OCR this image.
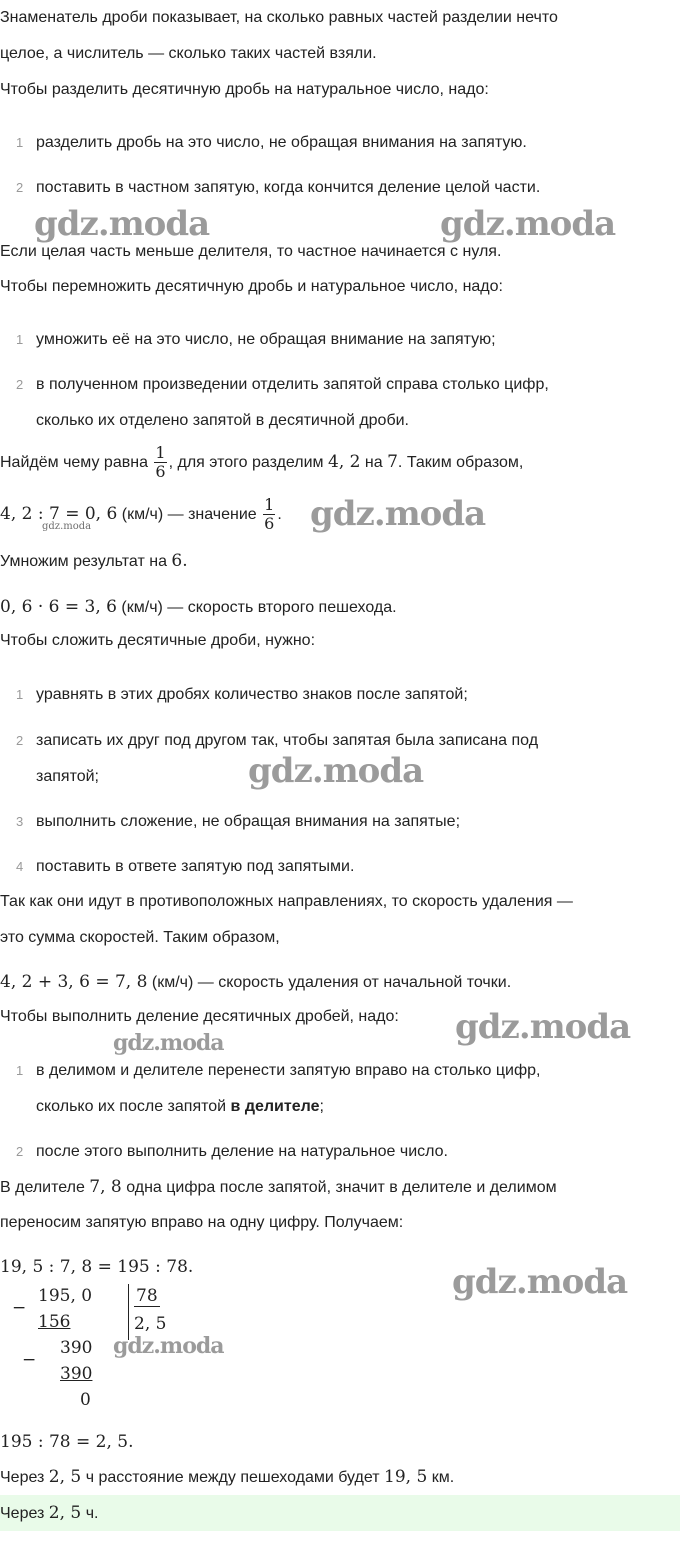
Знаменатель дроби показывает, на сколько равных частей разделии нечто
целое, а числитель — сколько таких частей взяли.
Чтобы разделить десятичную дробь на натуральное число, надо:
1 разделить дробь на это число, не обращая внимания на запятую.
2 поставить в частном запятую, когда кончится деление целой части.
Если целая часть меньше делителя, то частное начинается с нуля.
Чтобы перемножить десятичную дробь и натуральное число, надо:
1 умножить её на это число, не обращая внимание на запятую;
2 в полученном произведении отделить запятой справа столько цифр,
сколько их отделено запятой в десятичной дроби.
Найдём чему равна $\frac{1}{6}$ , для этого разделим 4, 2 на 7. Таким образом,
4, 2 : 7 = 0, 6 (км/ч) — значение $\frac{1}{6}$ .
Умножим результат на 6.
0, 6 · 6 = 3, 6 (км/ч) — скорость второго пешехода.
Чтобы сложить десятичные дроби, нужно:
1 уравнять в этих дробях количество знаков после запятой;
2 записать их друг под другом так, чтобы запятая была записана под
запятой;
3 выполнить сложение, не обращая внимания на запятые;
4 поставить в ответе запятую под запятыми.
Так как они идут в противоположных направлениях, то скорость удаления —
это сумма скоростей. Таким образом,
4, 2 + 3, 6 = 7, 8 (км/ч) — скорость удаления от начальной точки.
Чтобы выполнить деление десятичных дробей, надо:
1 в делимом и делителе перенести запятую вправо на столько цифр,
сколько их после запятой в делителе;
2 после этого выполнить деление на натуральное число.
В делителе 7, 8 одна цифра после запятой, значит в делителе и делимом
переносим запятую вправо на одну цифру. Получаем:
19, 5 : 7, 8 = 195 : 78.
−
195, 0
156
78
2, 5
−
390
390
0
195 : 78 = 2, 5.
Через 2, 5 ч расстояние между пешеходами будет 19, 5 км.
Через 2, 5 ч.
gdz.moda	gdz.moda
gdz.moda
gdz.moda
gdz.moda
gdz.moda
gdz.moda
gdz.moda
gdz.moda
